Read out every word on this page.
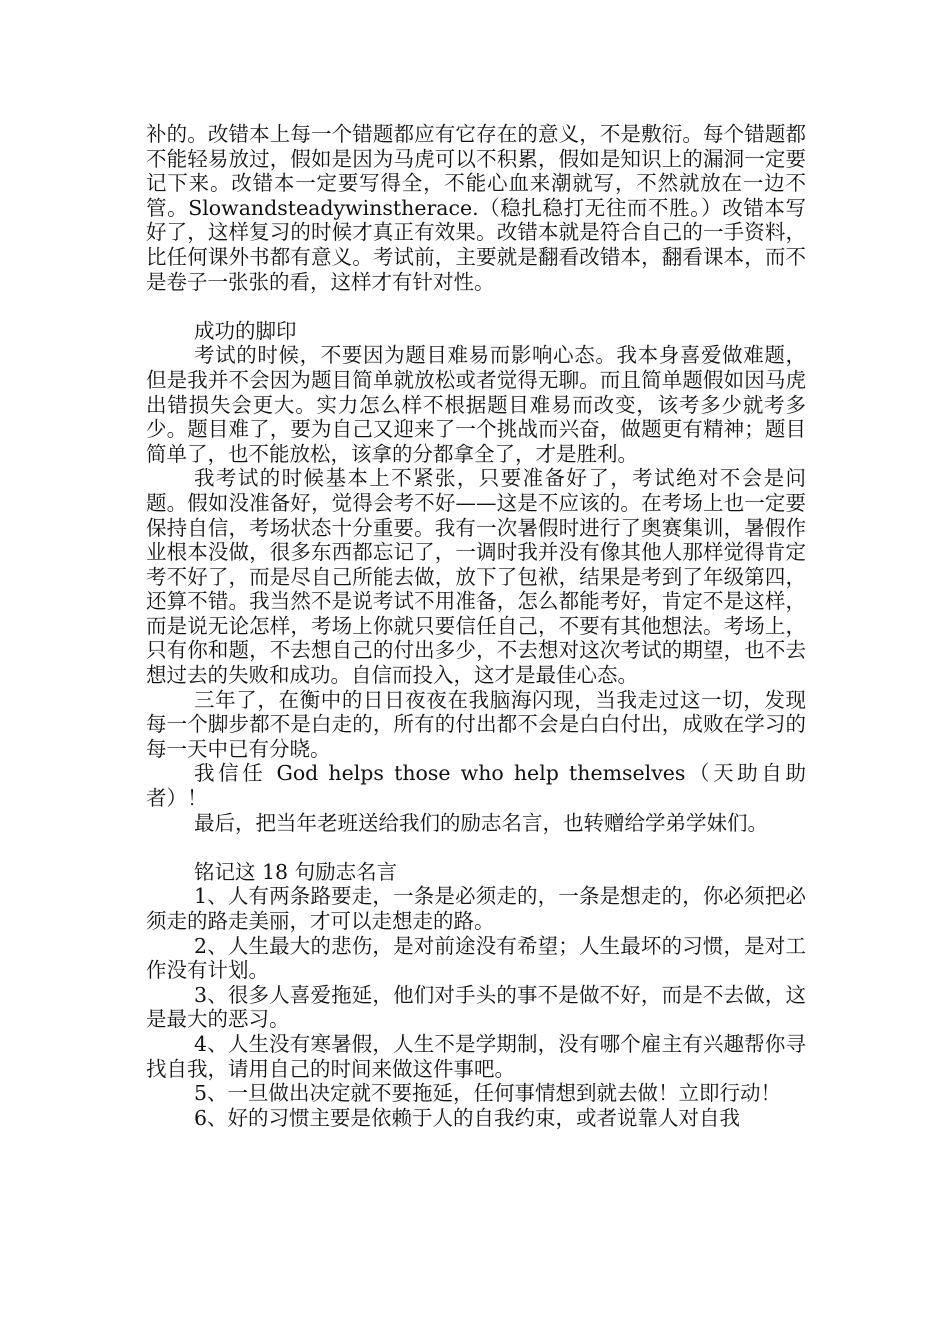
补的。改错本上每一个错题都应有它存在的意义，不是敷衍。每个错题都不能轻易放过，假如是因为马虎可以不积累，假如是知识上的漏洞一定要记下来。改错本一定要写得全，不能心血来潮就写，不然就放在一边不管。Slowandsteadywinstherace.（稳扎稳打无往而不胜。）改错本写好了，这样复习的时候才真正有效果。改错本就是符合自己的一手资料，比任何课外书都有意义。考试前，主要就是翻看改错本，翻看课本，而不是卷子一张张的看，这样才有针对性。

成功的脚印

考试的时候，不要因为题目难易而影响心态。我本身喜爱做难题，但是我并不会因为题目简单就放松或者觉得无聊。而且简单题假如因马虎出错损失会更大。实力怎么样不根据题目难易而改变，该考多少就考多少。题目难了，要为自己又迎来了一个挑战而兴奋，做题更有精神；题目简单了，也不能放松，该拿的分都拿全了，才是胜利。

我考试的时候基本上不紧张，只要准备好了，考试绝对不会是问题。假如没准备好，觉得会考不好——这是不应该的。在考场上也一定要保持自信，考场状态十分重要。我有一次暑假时进行了奥赛集训，暑假作业根本没做，很多东西都忘记了，一调时我并没有像其他人那样觉得肯定考不好了，而是尽自己所能去做，放下了包袱，结果是考到了年级第四，还算不错。我当然不是说考试不用准备，怎么都能考好，肯定不是这样，而是说无论怎样，考场上你就只要信任自己，不要有其他想法。考场上，只有你和题，不去想自己的付出多少，不去想对这次考试的期望，也不去想过去的失败和成功。自信而投入，这才是最佳心态。

三年了，在衡中的日日夜夜在我脑海闪现，当我走过这一切，发现每一个脚步都不是白走的，所有的付出都不会是白白付出，成败在学习的每一天中已有分晓。

我信任 God helps those who help themselves（天助自助者）！

最后，把当年老班送给我们的励志名言，也转赠给学弟学妹们。

铭记这 18 句励志名言

1、人有两条路要走，一条是必须走的，一条是想走的，你必须把必须走的路走美丽，才可以走想走的路。

2、人生最大的悲伤，是对前途没有希望；人生最坏的习惯，是对工作没有计划。

3、很多人喜爱拖延，他们对手头的事不是做不好，而是不去做，这是最大的恶习。

4、人生没有寒暑假，人生不是学期制，没有哪个雇主有兴趣帮你寻找自我，请用自己的时间来做这件事吧。

5、一旦做出决定就不要拖延，任何事情想到就去做！立即行动！

6、好的习惯主要是依赖于人的自我约束，或者说靠人对自我
